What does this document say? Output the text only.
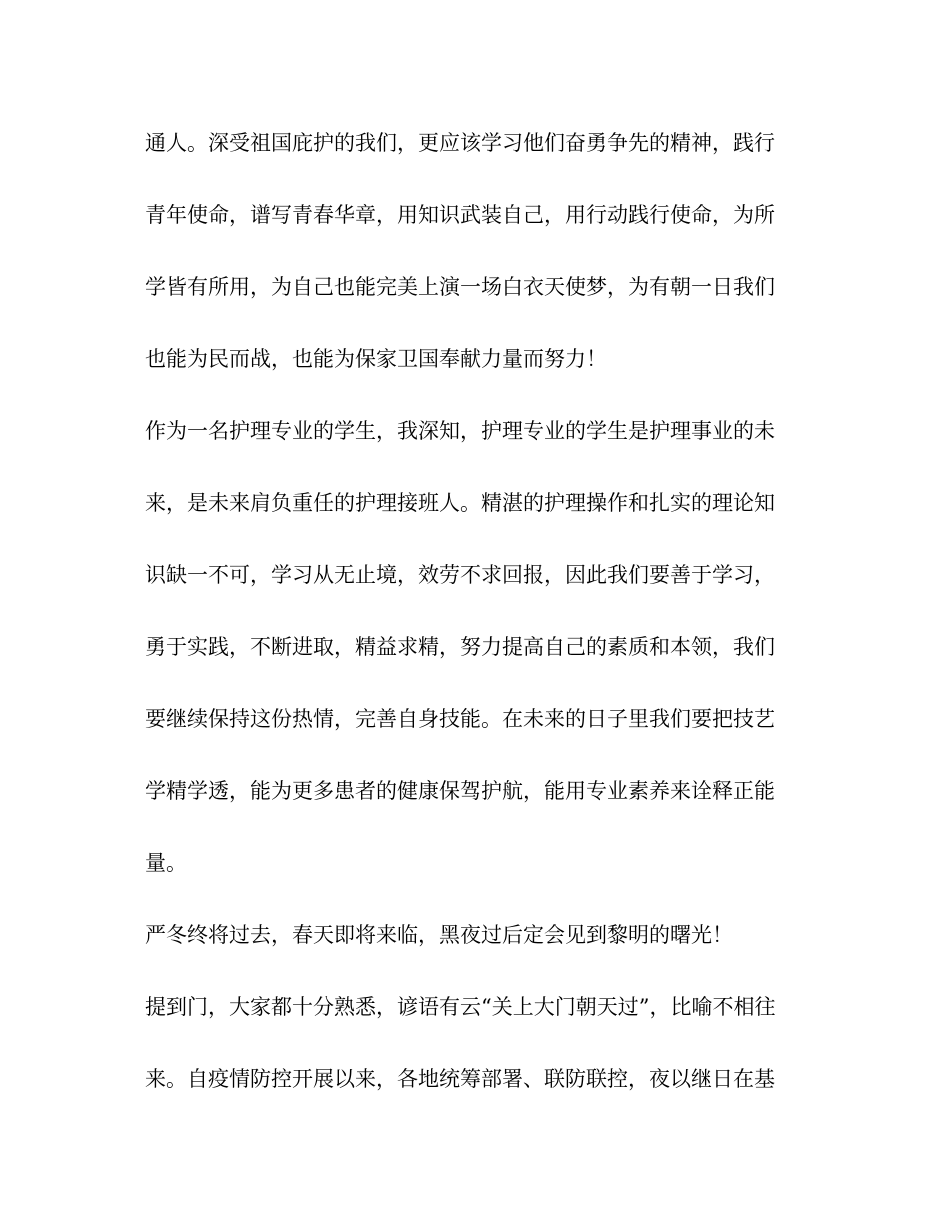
通人。深受祖国庇护的我们，更应该学习他们奋勇争先的精神，践行

青年使命，谱写青春华章，用知识武装自己，用行动践行使命，为所

学皆有所用，为自己也能完美上演一场白衣天使梦，为有朝一日我们

也能为民而战，也能为保家卫国奉献力量而努力！

作为一名护理专业的学生，我深知，护理专业的学生是护理事业的未

来，是未来肩负重任的护理接班人。精湛的护理操作和扎实的理论知

识缺一不可，学习从无止境，效劳不求回报，因此我们要善于学习，

勇于实践，不断进取，精益求精，努力提高自己的素质和本领，我们

要继续保持这份热情，完善自身技能。在未来的日子里我们要把技艺

学精学透，能为更多患者的健康保驾护航，能用专业素养来诠释正能

量。

严冬终将过去，春天即将来临，黑夜过后定会见到黎明的曙光！

提到门，大家都十分熟悉，谚语有云“关上大门朝天过”，比喻不相往

来。自疫情防控开展以来，各地统筹部署、联防联控，夜以继日在基
